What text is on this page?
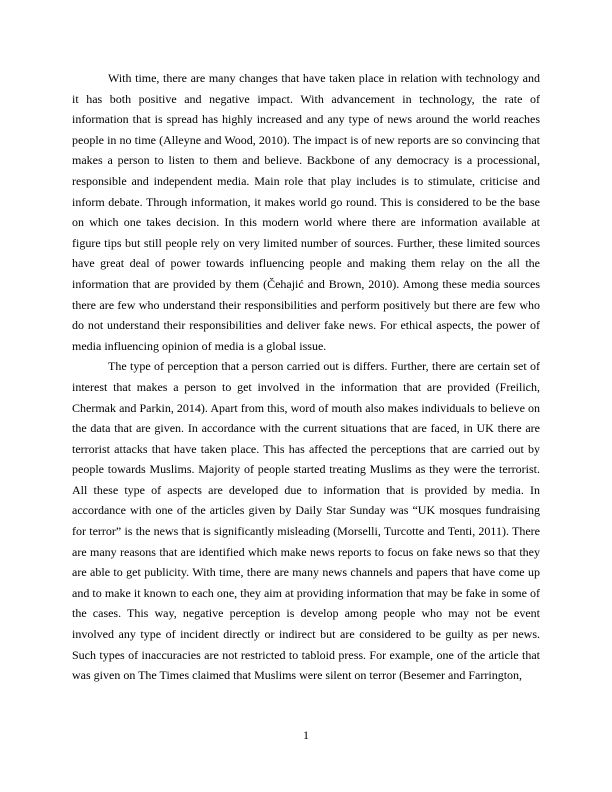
With time, there are many changes that have taken place in relation with technology and it has both positive and negative impact. With advancement in technology, the rate of information that is spread has highly increased and any type of news around the world reaches people in no time (Alleyne and Wood, 2010). The impact is of new reports are so convincing that makes a person to listen to them and believe. Backbone of any democracy is a processional, responsible and independent media. Main role that play includes is to stimulate, criticise and inform debate. Through information, it makes world go round. This is considered to be the base on which one takes decision. In this modern world where there are information available at figure tips but still people rely on very limited number of sources. Further, these limited sources have great deal of power towards influencing people and making them relay on the all the information that are provided by them (Čehajić and Brown, 2010). Among these media sources there are few who understand their responsibilities and perform positively but there are few who do not understand their responsibilities and deliver fake news. For ethical aspects, the power of media influencing opinion of media is a global issue.

The type of perception that a person carried out is differs. Further, there are certain set of interest that makes a person to get involved in the information that are provided (Freilich, Chermak and Parkin, 2014). Apart from this, word of mouth also makes individuals to believe on the data that are given. In accordance with the current situations that are faced, in UK there are terrorist attacks that have taken place. This has affected the perceptions that are carried out by people towards Muslims. Majority of people started treating Muslims as they were the terrorist. All these type of aspects are developed due to information that is provided by media. In accordance with one of the articles given by Daily Star Sunday was “UK mosques fundraising for terror” is the news that is significantly misleading (Morselli, Turcotte and Tenti, 2011). There are many reasons that are identified which make news reports to focus on fake news so that they are able to get publicity. With time, there are many news channels and papers that have come up and to make it known to each one, they aim at providing information that may be fake in some of the cases. This way, negative perception is develop among people who may not be event involved any type of incident directly or indirect but are considered to be guilty as per news. Such types of inaccuracies are not restricted to tabloid press. For example, one of the article that was given on The Times claimed that Muslims were silent on terror (Besemer and Farrington,

1
